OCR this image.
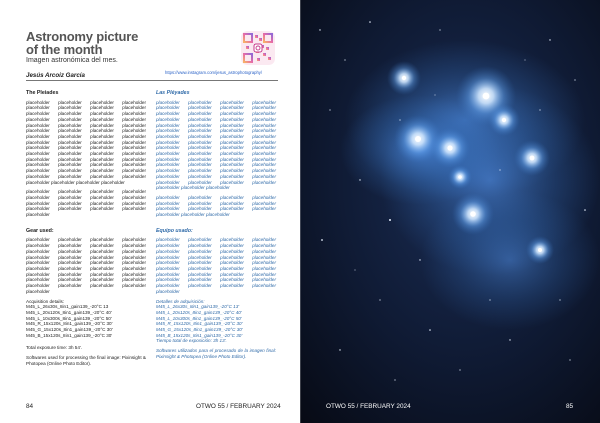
Astronomy picture
of the month
Imagen astronómica del mes.
Jesús Arcoiz García	https://www.instagram.com/jesus_astrophotography/
The Pleiades
placeholder placeholder placeholder placeholder placeholder placeholder placeholder placeholder placeholder placeholder placeholder placeholder placeholder placeholder placeholder placeholder placeholder placeholder placeholder placeholder placeholder placeholder placeholder placeholder placeholder placeholder placeholder placeholder placeholder placeholder placeholder placeholder placeholder placeholder placeholder placeholder placeholder placeholder placeholder placeholder placeholder placeholder placeholder placeholder placeholder placeholder placeholder placeholder placeholder placeholder placeholder placeholder placeholder placeholder placeholder placeholder placeholder placeholder placeholder placeholder
placeholder placeholder placeholder placeholder placeholder placeholder placeholder placeholder placeholder placeholder placeholder placeholder placeholder placeholder placeholder placeholder placeholder
Gear used:
placeholder placeholder placeholder placeholder placeholder placeholder placeholder placeholder placeholder placeholder placeholder placeholder placeholder placeholder placeholder placeholder placeholder placeholder placeholder placeholder placeholder placeholder placeholder placeholder placeholder placeholder placeholder placeholder placeholder placeholder placeholder placeholder placeholder placeholder placeholder placeholder placeholder
Acquisition details:
M45_L_26x30s_8in1_gain139_-20°C 13
M45_L_20x120s_8in1_gain139_-20°C 40'
M45_L_10x300s_8in1_gain139_-20°C 50'
M45_R_15x120s_8in1_gain139_-20°C 30'
M45_G_15x120s_8in1_gain139_-20°C 30'
M45_B_15x120s_8in1_gain139_-20°C 30'
Total exposure time: 3h 54'.
Softwares used for processing the final image: Pixinsight & Photopea (Online Photo Editor).
Las Pléyades
placeholder placeholder placeholder placeholder placeholder placeholder placeholder placeholder placeholder placeholder placeholder placeholder placeholder placeholder placeholder placeholder placeholder placeholder placeholder placeholder placeholder placeholder placeholder placeholder placeholder placeholder placeholder placeholder placeholder placeholder placeholder placeholder placeholder placeholder placeholder placeholder placeholder placeholder placeholder placeholder placeholder placeholder placeholder placeholder placeholder placeholder placeholder placeholder placeholder placeholder placeholder placeholder placeholder placeholder placeholder placeholder placeholder placeholder placeholder placeholder placeholder placeholder placeholder
placeholder placeholder placeholder placeholder placeholder placeholder placeholder placeholder placeholder placeholder placeholder placeholder placeholder placeholder placeholder
Equipo usado:
placeholder placeholder placeholder placeholder placeholder placeholder placeholder placeholder placeholder placeholder placeholder placeholder placeholder placeholder placeholder placeholder placeholder placeholder placeholder placeholder placeholder placeholder placeholder placeholder placeholder placeholder placeholder placeholder placeholder placeholder placeholder placeholder placeholder placeholder placeholder placeholder placeholder
Detalles de adquisición:
M45_L_26x30s_8in1_gain139_-20°C 13'
M45_L_20x120s_8in1_gain139_-20°C 40'
M45_L_10x300s_8in1_gain139_-20°C 50'
M45_R_15x120s_8in1_gain139_-20°C 30'
M45_G_15x120s_8in1_gain139_-20°C 30'
M45_B_15x120s_8in1_gain139_-20°C 30'
Tiempo total de exposición: 3h 13'.
Softwares utilizados para el procesado de la imagen final: Pixinsight & Photopea (Online Photo Editor).
84	OTWO 55 / FEBRUARY 2024	OTWO 55 / FEBRUARY 2024	85
